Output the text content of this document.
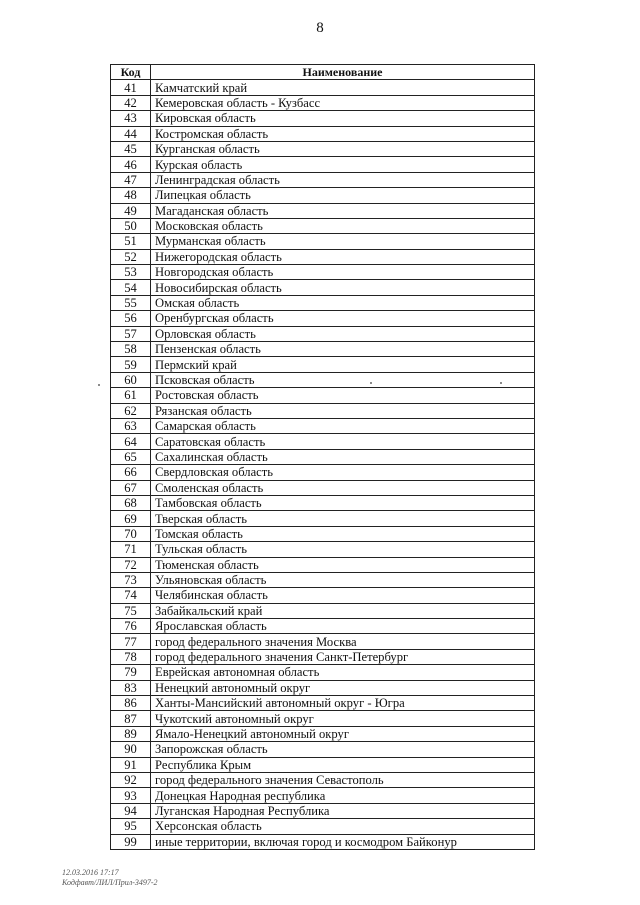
8
Код	Наименование
41	Камчатский край
42	Кемеровская область - Кузбасс
43	Кировская область
44	Костромская область
45	Курганская область
46	Курская область
47	Ленинградская область
48	Липецкая область
49	Магаданская область
50	Московская область
51	Мурманская область
52	Нижегородская область
53	Новгородская область
54	Новосибирская область
55	Омская область
56	Оренбургская область
57	Орловская область
58	Пензенская область
59	Пермский край
60	Псковская область
61	Ростовская область
62	Рязанская область
63	Самарская область
64	Саратовская область
65	Сахалинская область
66	Свердловская область
67	Смоленская область
68	Тамбовская область
69	Тверская область
70	Томская область
71	Тульская область
72	Тюменская область
73	Ульяновская область
74	Челябинская область
75	Забайкальский край
76	Ярославская область
77	город федерального значения Москва
78	город федерального значения Санкт-Петербург
79	Еврейская автономная область
83	Ненецкий автономный округ
86	Ханты-Мансийский автономный округ - Югра
87	Чукотский автономный округ
89	Ямало-Ненецкий автономный округ
90	Запорожская область
91	Республика Крым
92	город федерального значения Севастополь
93	Донецкая Народная республика
94	Луганская Народная Республика
95	Херсонская область
99	иные территории, включая город и космодром Байконур
12.03.2016 17:17
Кодфавт/ЛИЛ/Прил-3497-2
